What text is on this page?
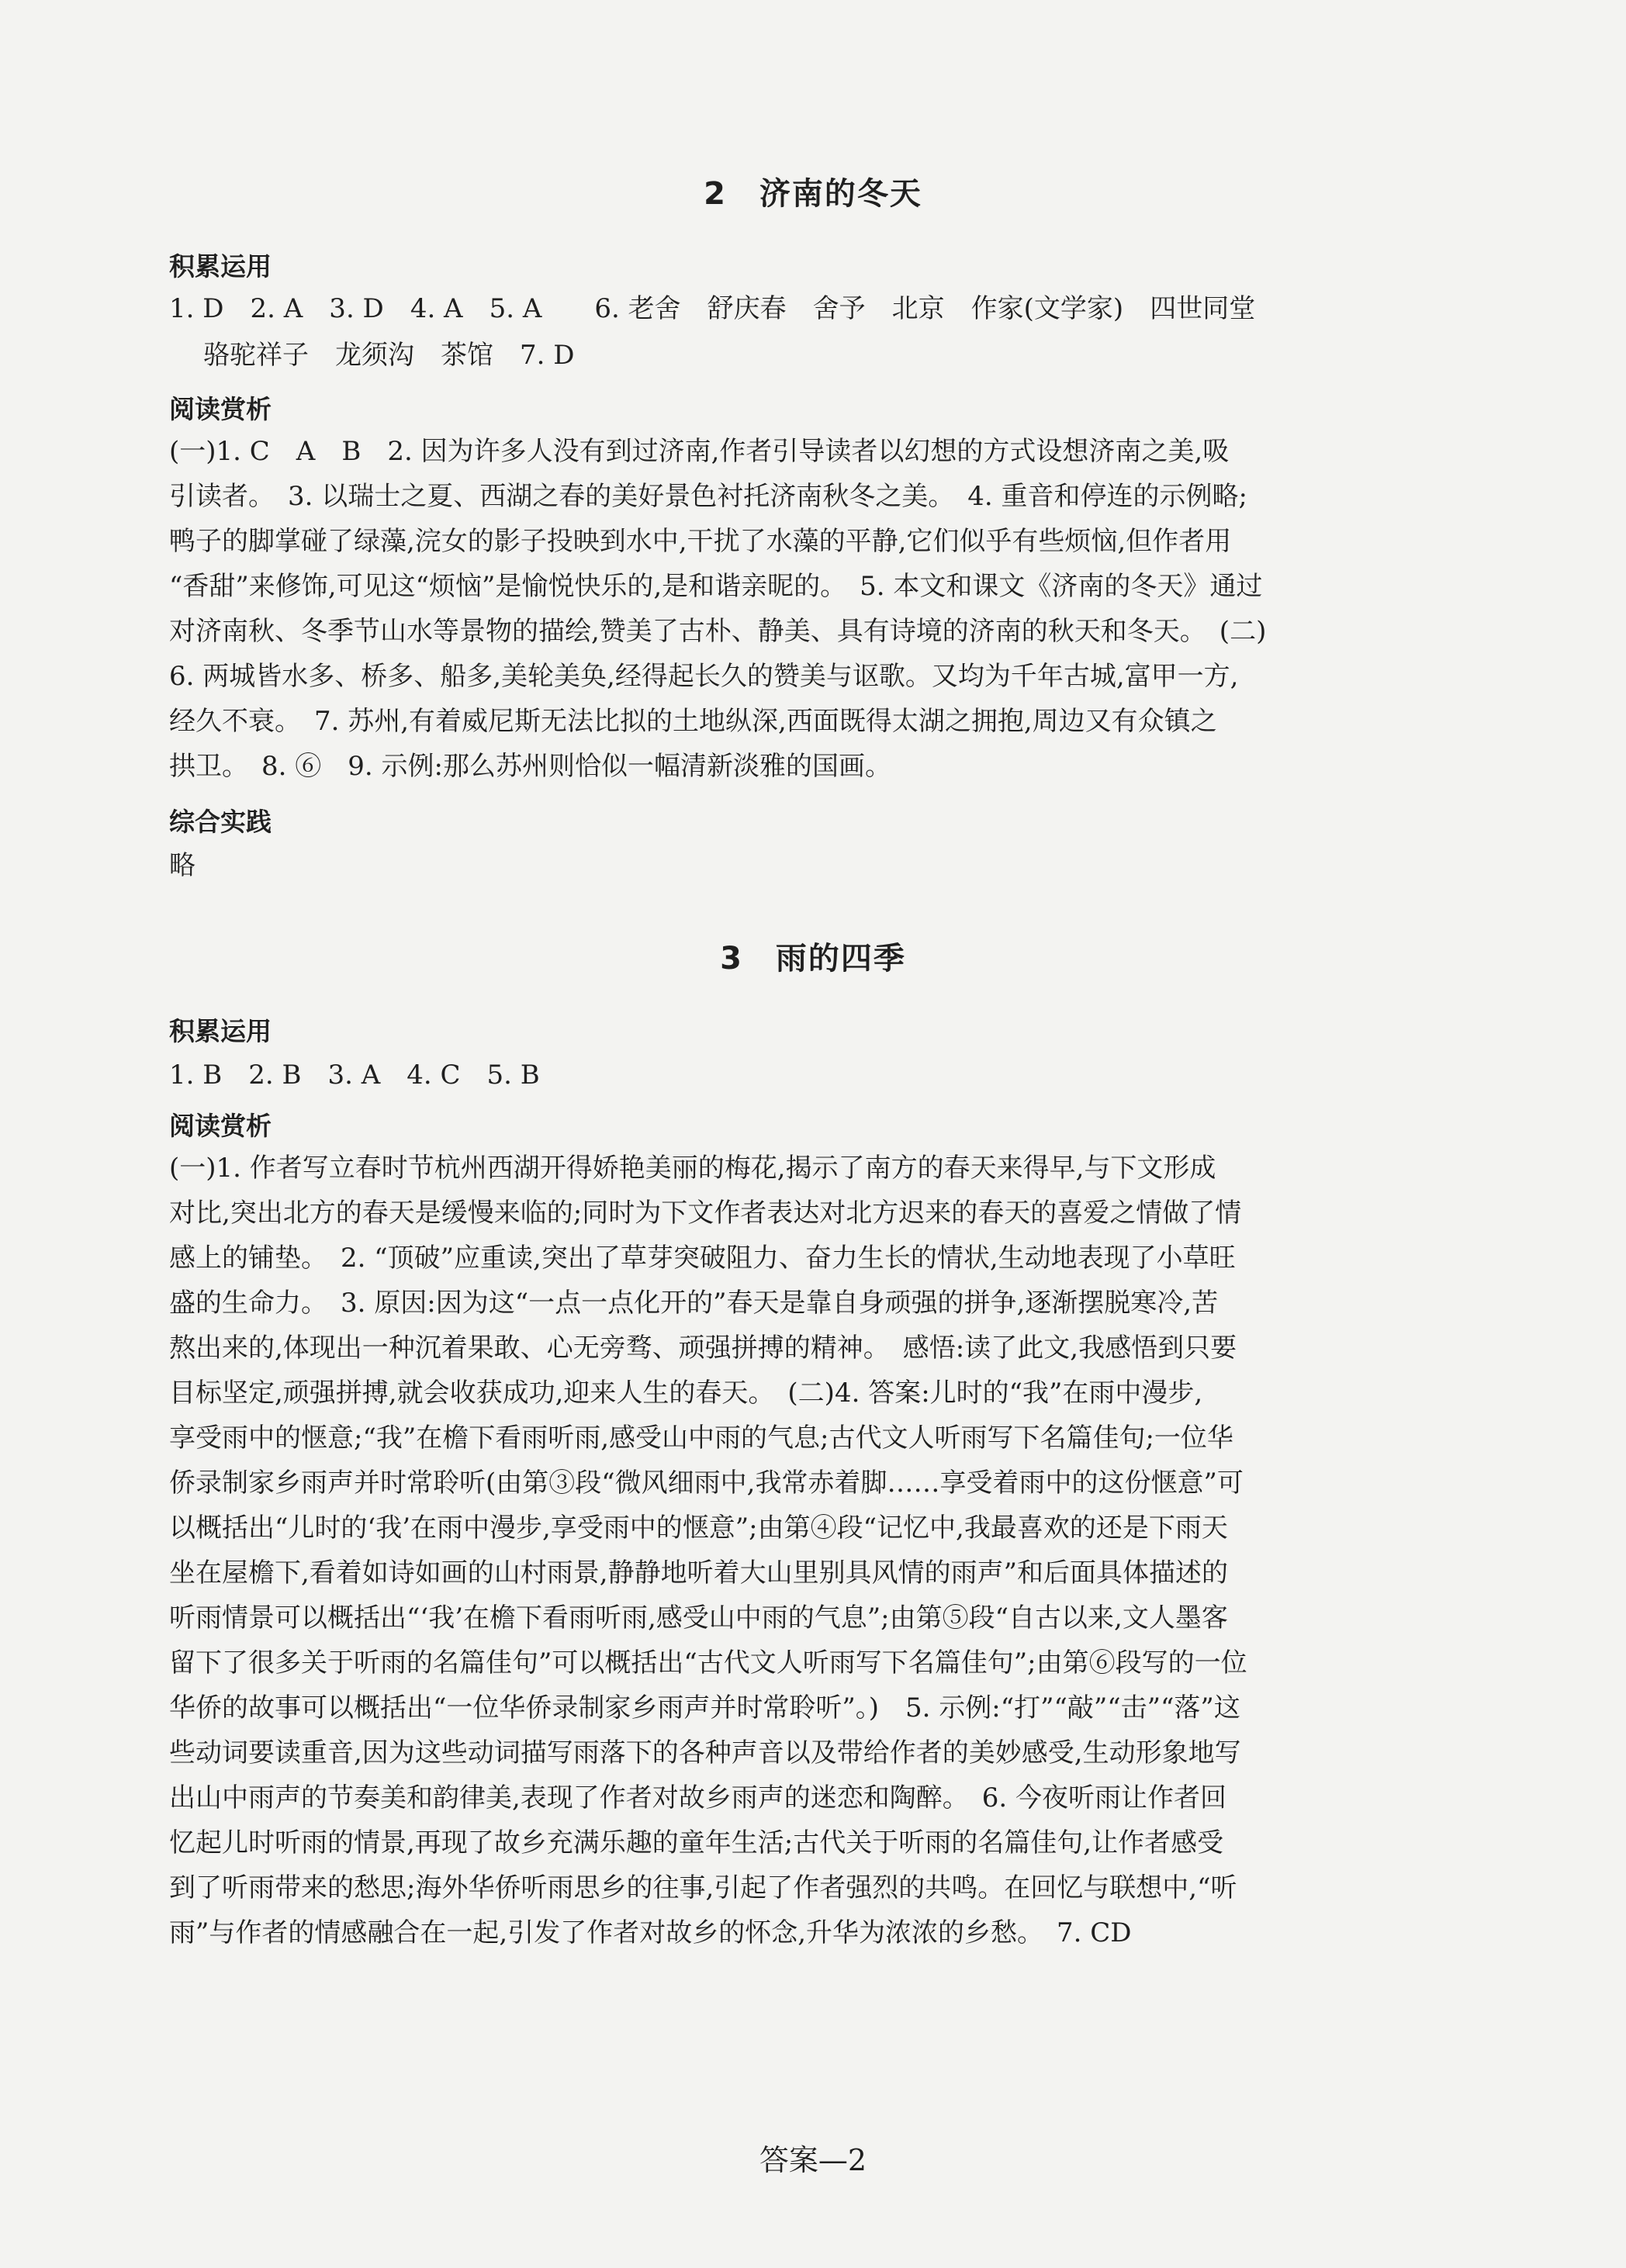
2　济南的冬天
积累运用
1. D　2. A　3. D　4. A　5. A　　6. 老舍　舒庆春　舍予　北京　作家(文学家)　四世同堂
骆驼祥子　龙须沟　茶馆　7. D
阅读赏析
(一)1. C　A　B　2. 因为许多人没有到过济南,作者引导读者以幻想的方式设想济南之美,吸
引读者。　3. 以瑞士之夏、西湖之春的美好景色衬托济南秋冬之美。　4. 重音和停连的示例略;
鸭子的脚掌碰了绿藻,浣女的影子投映到水中,干扰了水藻的平静,它们似乎有些烦恼,但作者用
“香甜”来修饰,可见这“烦恼”是愉悦快乐的,是和谐亲昵的。　5. 本文和课文《济南的冬天》通过
对济南秋、冬季节山水等景物的描绘,赞美了古朴、静美、具有诗境的济南的秋天和冬天。　(二)
6. 两城皆水多、桥多、船多,美轮美奂,经得起长久的赞美与讴歌。又均为千年古城,富甲一方,
经久不衰。　7. 苏州,有着威尼斯无法比拟的土地纵深,西面既得太湖之拥抱,周边又有众镇之
拱卫。　8. ⑥　9. 示例:那么苏州则恰似一幅清新淡雅的国画。
综合实践
略
3　雨的四季
积累运用
1. B　2. B　3. A　4. C　5. B
阅读赏析
(一)1. 作者写立春时节杭州西湖开得娇艳美丽的梅花,揭示了南方的春天来得早,与下文形成
对比,突出北方的春天是缓慢来临的;同时为下文作者表达对北方迟来的春天的喜爱之情做了情
感上的铺垫。　2. “顶破”应重读,突出了草芽突破阻力、奋力生长的情状,生动地表现了小草旺
盛的生命力。　3. 原因:因为这“一点一点化开的”春天是靠自身顽强的拼争,逐渐摆脱寒冷,苦
熬出来的,体现出一种沉着果敢、心无旁骛、顽强拼搏的精神。　感悟:读了此文,我感悟到只要
目标坚定,顽强拼搏,就会收获成功,迎来人生的春天。　(二)4. 答案:儿时的“我”在雨中漫步,
享受雨中的惬意;“我”在檐下看雨听雨,感受山中雨的气息;古代文人听雨写下名篇佳句;一位华
侨录制家乡雨声并时常聆听(由第③段“微风细雨中,我常赤着脚……享受着雨中的这份惬意”可
以概括出“儿时的‘我’在雨中漫步,享受雨中的惬意”;由第④段“记忆中,我最喜欢的还是下雨天
坐在屋檐下,看着如诗如画的山村雨景,静静地听着大山里别具风情的雨声”和后面具体描述的
听雨情景可以概括出“‘我’在檐下看雨听雨,感受山中雨的气息”;由第⑤段“自古以来,文人墨客
留下了很多关于听雨的名篇佳句”可以概括出“古代文人听雨写下名篇佳句”;由第⑥段写的一位
华侨的故事可以概括出“一位华侨录制家乡雨声并时常聆听”。)　5. 示例:“打”“敲”“击”“落”这
些动词要读重音,因为这些动词描写雨落下的各种声音以及带给作者的美妙感受,生动形象地写
出山中雨声的节奏美和韵律美,表现了作者对故乡雨声的迷恋和陶醉。　6. 今夜听雨让作者回
忆起儿时听雨的情景,再现了故乡充满乐趣的童年生活;古代关于听雨的名篇佳句,让作者感受
到了听雨带来的愁思;海外华侨听雨思乡的往事,引起了作者强烈的共鸣。在回忆与联想中,“听
雨”与作者的情感融合在一起,引发了作者对故乡的怀念,升华为浓浓的乡愁。　7. CD
答案—2
